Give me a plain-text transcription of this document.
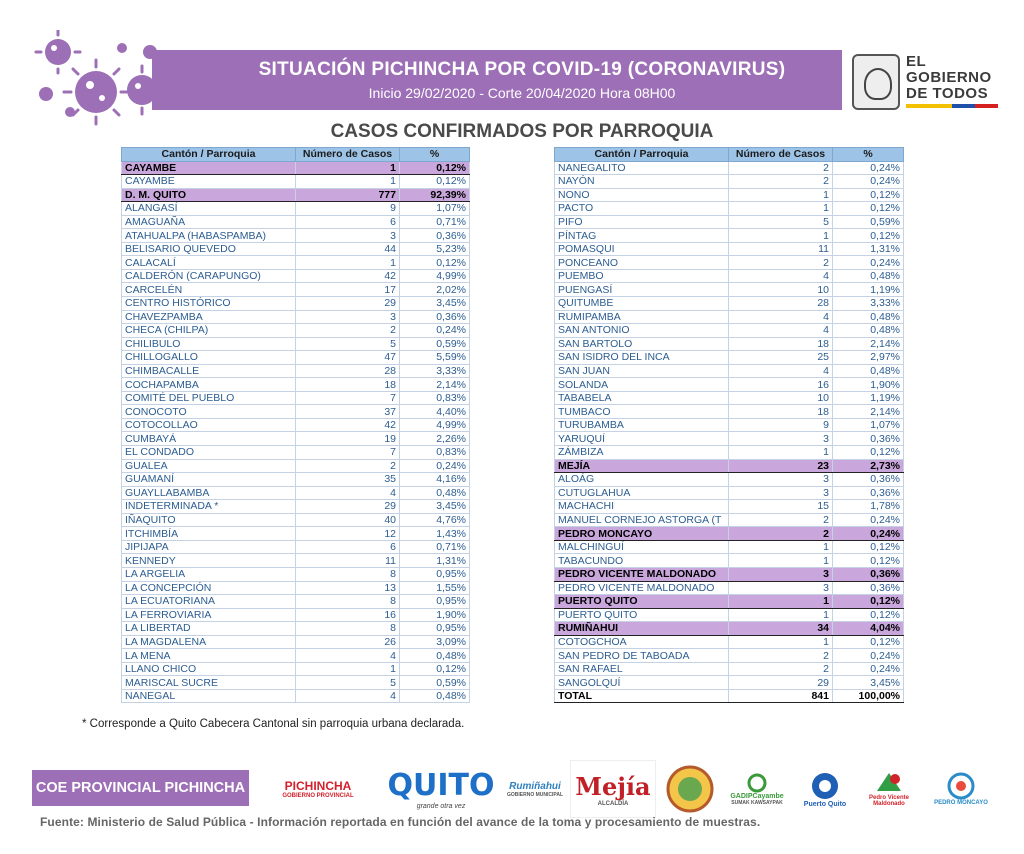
SITUACIÓN PICHINCHA POR COVID-19 (CORONAVIRUS)
Inicio 29/02/2020 - Corte 20/04/2020 Hora 08H00
EL
GOBIERNO
DE TODOS
CASOS CONFIRMADOS POR PARROQUIA
Cantón / Parroquia	Número de Casos	%
CAYAMBE	1	0,12%
CAYAMBE	1	0,12%
D. M. QUITO	777	92,39%
ALANGASÍ	9	1,07%
AMAGUAÑA	6	0,71%
ATAHUALPA (HABASPAMBA)	3	0,36%
BELISARIO QUEVEDO	44	5,23%
CALACALÍ	1	0,12%
CALDERÓN (CARAPUNGO)	42	4,99%
CARCELÉN	17	2,02%
CENTRO HISTÓRICO	29	3,45%
CHAVEZPAMBA	3	0,36%
CHECA (CHILPA)	2	0,24%
CHILIBULO	5	0,59%
CHILLOGALLO	47	5,59%
CHIMBACALLE	28	3,33%
COCHAPAMBA	18	2,14%
COMITÉ DEL PUEBLO	7	0,83%
CONOCOTO	37	4,40%
COTOCOLLAO	42	4,99%
CUMBAYÁ	19	2,26%
EL CONDADO	7	0,83%
GUALEA	2	0,24%
GUAMANÍ	35	4,16%
GUAYLLABAMBA	4	0,48%
INDETERMINADA *	29	3,45%
IÑAQUITO	40	4,76%
ITCHIMBÍA	12	1,43%
JIPIJAPA	6	0,71%
KENNEDY	11	1,31%
LA ARGELIA	8	0,95%
LA CONCEPCIÓN	13	1,55%
LA ECUATORIANA	8	0,95%
LA FERROVIARIA	16	1,90%
LA LIBERTAD	8	0,95%
LA MAGDALENA	26	3,09%
LA MENA	4	0,48%
LLANO CHICO	1	0,12%
MARISCAL SUCRE	5	0,59%
NANEGAL	4	0,48%
Cantón / Parroquia	Número de Casos	%
NANEGALITO	2	0,24%
NAYÓN	2	0,24%
NONO	1	0,12%
PACTO	1	0,12%
PIFO	5	0,59%
PÍNTAG	1	0,12%
POMASQUI	11	1,31%
PONCEANO	2	0,24%
PUEMBO	4	0,48%
PUENGASÍ	10	1,19%
QUITUMBE	28	3,33%
RUMIPAMBA	4	0,48%
SAN ANTONIO	4	0,48%
SAN BARTOLO	18	2,14%
SAN ISIDRO DEL INCA	25	2,97%
SAN JUAN	4	0,48%
SOLANDA	16	1,90%
TABABELA	10	1,19%
TUMBACO	18	2,14%
TURUBAMBA	9	1,07%
YARUQUÍ	3	0,36%
ZÁMBIZA	1	0,12%
MEJÍA	23	2,73%
ALOÁG	3	0,36%
CUTUGLAHUA	3	0,36%
MACHACHI	15	1,78%
MANUEL CORNEJO ASTORGA (T	2	0,24%
PEDRO MONCAYO	2	0,24%
MALCHINGUÍ	1	0,12%
TABACUNDO	1	0,12%
PEDRO VICENTE MALDONADO	3	0,36%
PEDRO VICENTE MALDONADO	3	0,36%
PUERTO QUITO	1	0,12%
PUERTO QUITO	1	0,12%
RUMIÑAHUI	34	4,04%
COTOGCHOA	1	0,12%
SAN PEDRO DE TABOADA	2	0,24%
SAN RAFAEL	2	0,24%
SANGOLQUÍ	29	3,45%
TOTAL	841	100,00%
* Corresponde a Quito Cabecera Cantonal sin parroquia urbana declarada.
COE PROVINCIAL PICHINCHA	PICHINCHA
GOBIERNO PROVINCIAL QUITO
grande otra vez
Rumiñahui
GOBIERNO MUNICIPAL Mejía
ALCALDÍA
GADIPCayambe
SUMAK KAWSAYPAK	Puerto Quito
Pedro Vicente Maldonado	PEDRO MONCAYO
Fuente: Ministerio de Salud Pública - Información reportada en función del avance de la toma y procesamiento de muestras.
